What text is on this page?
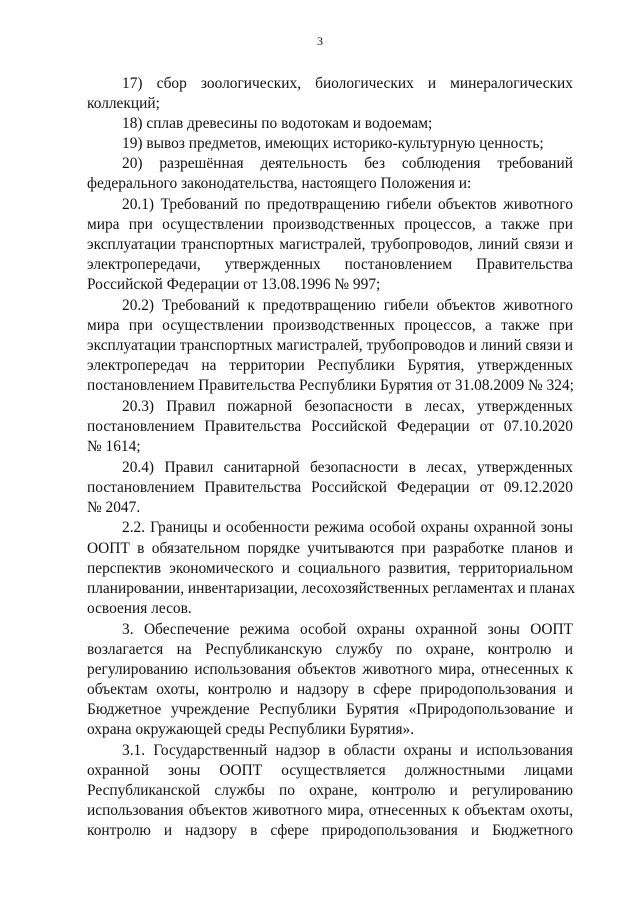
3
17) сбор зоологических, биологических и минералогических
коллекций;
18) сплав древесины по водотокам и водоемам;
19) вывоз предметов, имеющих историко-культурную ценность;
20) разрешённая деятельность без соблюдения требований
федерального законодательства, настоящего Положения и:
20.1) Требований по предотвращению гибели объектов животного
мира при осуществлении производственных процессов, а также при
эксплуатации транспортных магистралей, трубопроводов, линий связи и
электропередачи, утвержденных постановлением Правительства
Российской Федерации от 13.08.1996 № 997;
20.2) Требований к предотвращению гибели объектов животного
мира при осуществлении производственных процессов, а также при
эксплуатации транспортных магистралей, трубопроводов и линий связи и
электропередач на территории Республики Бурятия, утвержденных
постановлением Правительства Республики Бурятия от 31.08.2009 № 324;
20.3) Правил пожарной безопасности в лесах, утвержденных
постановлением Правительства Российской Федерации от 07.10.2020
№ 1614;
20.4) Правил санитарной безопасности в лесах, утвержденных
постановлением Правительства Российской Федерации от 09.12.2020
№ 2047.
2.2. Границы и особенности режима особой охраны охранной зоны
ООПТ в обязательном порядке учитываются при разработке планов и
перспектив экономического и социального развития, территориальном
планировании, инвентаризации, лесохозяйственных регламентах и планах
освоения лесов.
3. Обеспечение режима особой охраны охранной зоны ООПТ
возлагается на Республиканскую службу по охране, контролю и
регулированию использования объектов животного мира, отнесенных к
объектам охоты, контролю и надзору в сфере природопользования и
Бюджетное учреждение Республики Бурятия «Природопользование и
охрана окружающей среды Республики Бурятия».
3.1. Государственный надзор в области охраны и использования
охранной зоны ООПТ осуществляется должностными лицами
Республиканской службы по охране, контролю и регулированию
использования объектов животного мира, отнесенных к объектам охоты,
контролю и надзору в сфере природопользования и Бюджетного
